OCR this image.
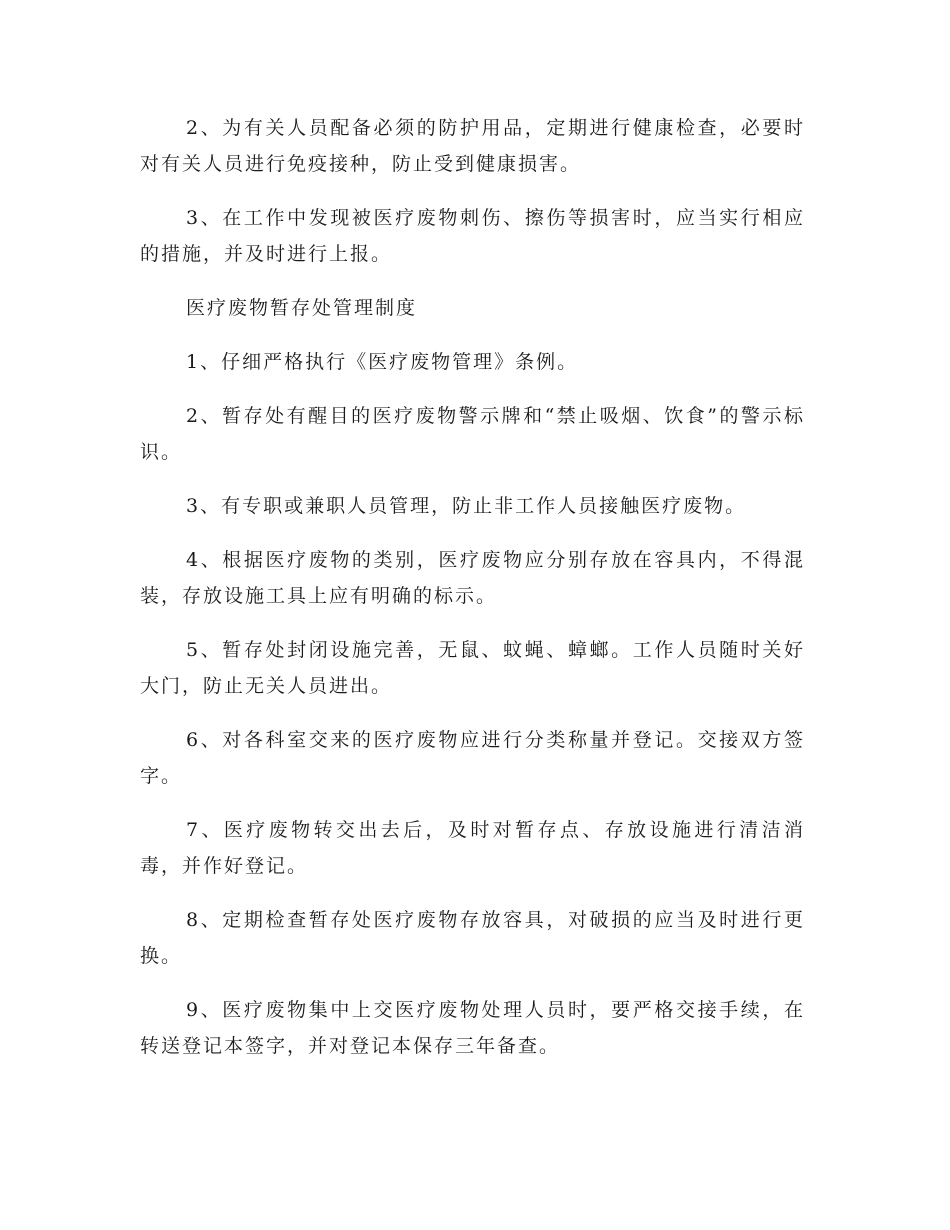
2、为有关人员配备必须的防护用品，定期进行健康检查，必要时对有关人员进行免疫接种，防止受到健康损害。

3、在工作中发现被医疗废物刺伤、擦伤等损害时，应当实行相应的措施，并及时进行上报。

医疗废物暂存处管理制度

1、仔细严格执行《医疗废物管理》条例。

2、暂存处有醒目的医疗废物警示牌和“禁止吸烟、饮食”的警示标识。

3、有专职或兼职人员管理，防止非工作人员接触医疗废物。

4、根据医疗废物的类别，医疗废物应分别存放在容具内，不得混装，存放设施工具上应有明确的标示。

5、暂存处封闭设施完善，无鼠、蚊蝇、蟑螂。工作人员随时关好大门，防止无关人员进出。

6、对各科室交来的医疗废物应进行分类称量并登记。交接双方签字。

7、医疗废物转交出去后，及时对暂存点、存放设施进行清洁消毒，并作好登记。

8、定期检查暂存处医疗废物存放容具，对破损的应当及时进行更换。

9、医疗废物集中上交医疗废物处理人员时，要严格交接手续，在转送登记本签字，并对登记本保存三年备查。
